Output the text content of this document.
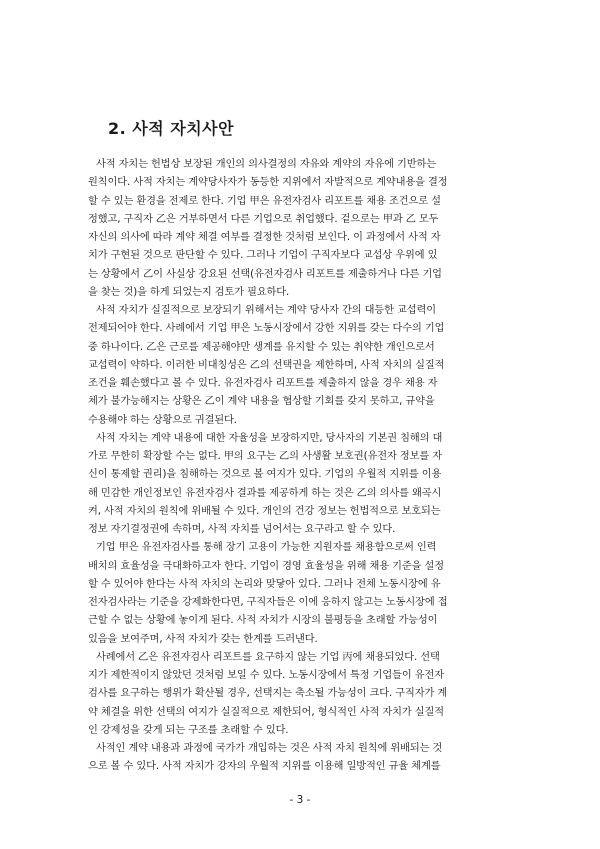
2. 사적 자치사안
사적 자치는 헌법상 보장된 개인의 의사결정의 자유와 계약의 자유에 기반하는
원칙이다. 사적 자치는 계약당사자가 동등한 지위에서 자발적으로 계약내용을 결정
할 수 있는 환경을 전제로 한다. 기업 甲은 유전자검사 리포트를 채용 조건으로 설
정했고, 구직자 乙은 거부하면서 다른 기업으로 취업했다. 겉으로는 甲과 乙 모두
자신의 의사에 따라 계약 체결 여부를 결정한 것처럼 보인다. 이 과정에서 사적 자
치가 구현된 것으로 판단할 수 있다. 그러나 기업이 구직자보다 교섭상 우위에 있
는 상황에서 乙이 사실상 강요된 선택(유전자검사 리포트를 제출하거나 다른 기업
을 찾는 것)을 하게 되었는지 검토가 필요하다.
사적 자치가 실질적으로 보장되기 위해서는 계약 당사자 간의 대등한 교섭력이
전제되어야 한다. 사례에서 기업 甲은 노동시장에서 강한 지위를 갖는 다수의 기업
중 하나이다. 乙은 근로를 제공해야만 생계를 유지할 수 있는 취약한 개인으로서
교섭력이 약하다. 이러한 비대칭성은 乙의 선택권을 제한하며, 사적 자치의 실질적
조건을 훼손했다고 볼 수 있다. 유전자검사 리포트를 제출하지 않을 경우 채용 자
체가 불가능해지는 상황은 乙이 계약 내용을 협상할 기회를 갖지 못하고, 규약을
수용해야 하는 상황으로 귀결된다.
사적 자치는 계약 내용에 대한 자율성을 보장하지만, 당사자의 기본권 침해의 대
가로 무한히 확장할 수는 없다. 甲의 요구는 乙의 사생활 보호권(유전자 정보를 자
신이 통제할 권리)을 침해하는 것으로 볼 여지가 있다. 기업의 우월적 지위를 이용
해 민감한 개인정보인 유전자검사 결과를 제공하게 하는 것은 乙의 의사를 왜곡시
켜, 사적 자치의 원칙에 위배될 수 있다. 개인의 건강 정보는 헌법적으로 보호되는
정보 자기결정권에 속하며, 사적 자치를 넘어서는 요구라고 할 수 있다.
기업 甲은 유전자검사를 통해 장기 고용이 가능한 지원자를 채용함으로써 인력
배치의 효율성을 극대화하고자 한다. 기업이 경영 효율성을 위해 채용 기준을 설정
할 수 있어야 한다는 사적 자치의 논리와 맞닿아 있다. 그러나 전체 노동시장에 유
전자검사라는 기준을 강제화한다면, 구직자들은 이에 응하지 않고는 노동시장에 접
근할 수 없는 상황에 놓이게 된다. 사적 자치가 시장의 불평등을 초래할 가능성이
있음을 보여주며, 사적 자치가 갖는 한계를 드러낸다.
사례에서 乙은 유전자검사 리포트를 요구하지 않는 기업 丙에 채용되었다. 선택
지가 제한적이지 않았던 것처럼 보일 수 있다. 노동시장에서 특정 기업들이 유전자
검사를 요구하는 행위가 확산될 경우, 선택지는 축소될 가능성이 크다. 구직자가 계
약 체결을 위한 선택의 여지가 실질적으로 제한되어, 형식적인 사적 자치가 실질적
인 강제성을 갖게 되는 구조를 초래할 수 있다.
사적인 계약 내용과 과정에 국가가 개입하는 것은 사적 자치 원칙에 위배되는 것
으로 볼 수 있다. 사적 자치가 강자의 우월적 지위를 이용해 일방적인 규율 체계를
- 3 -
